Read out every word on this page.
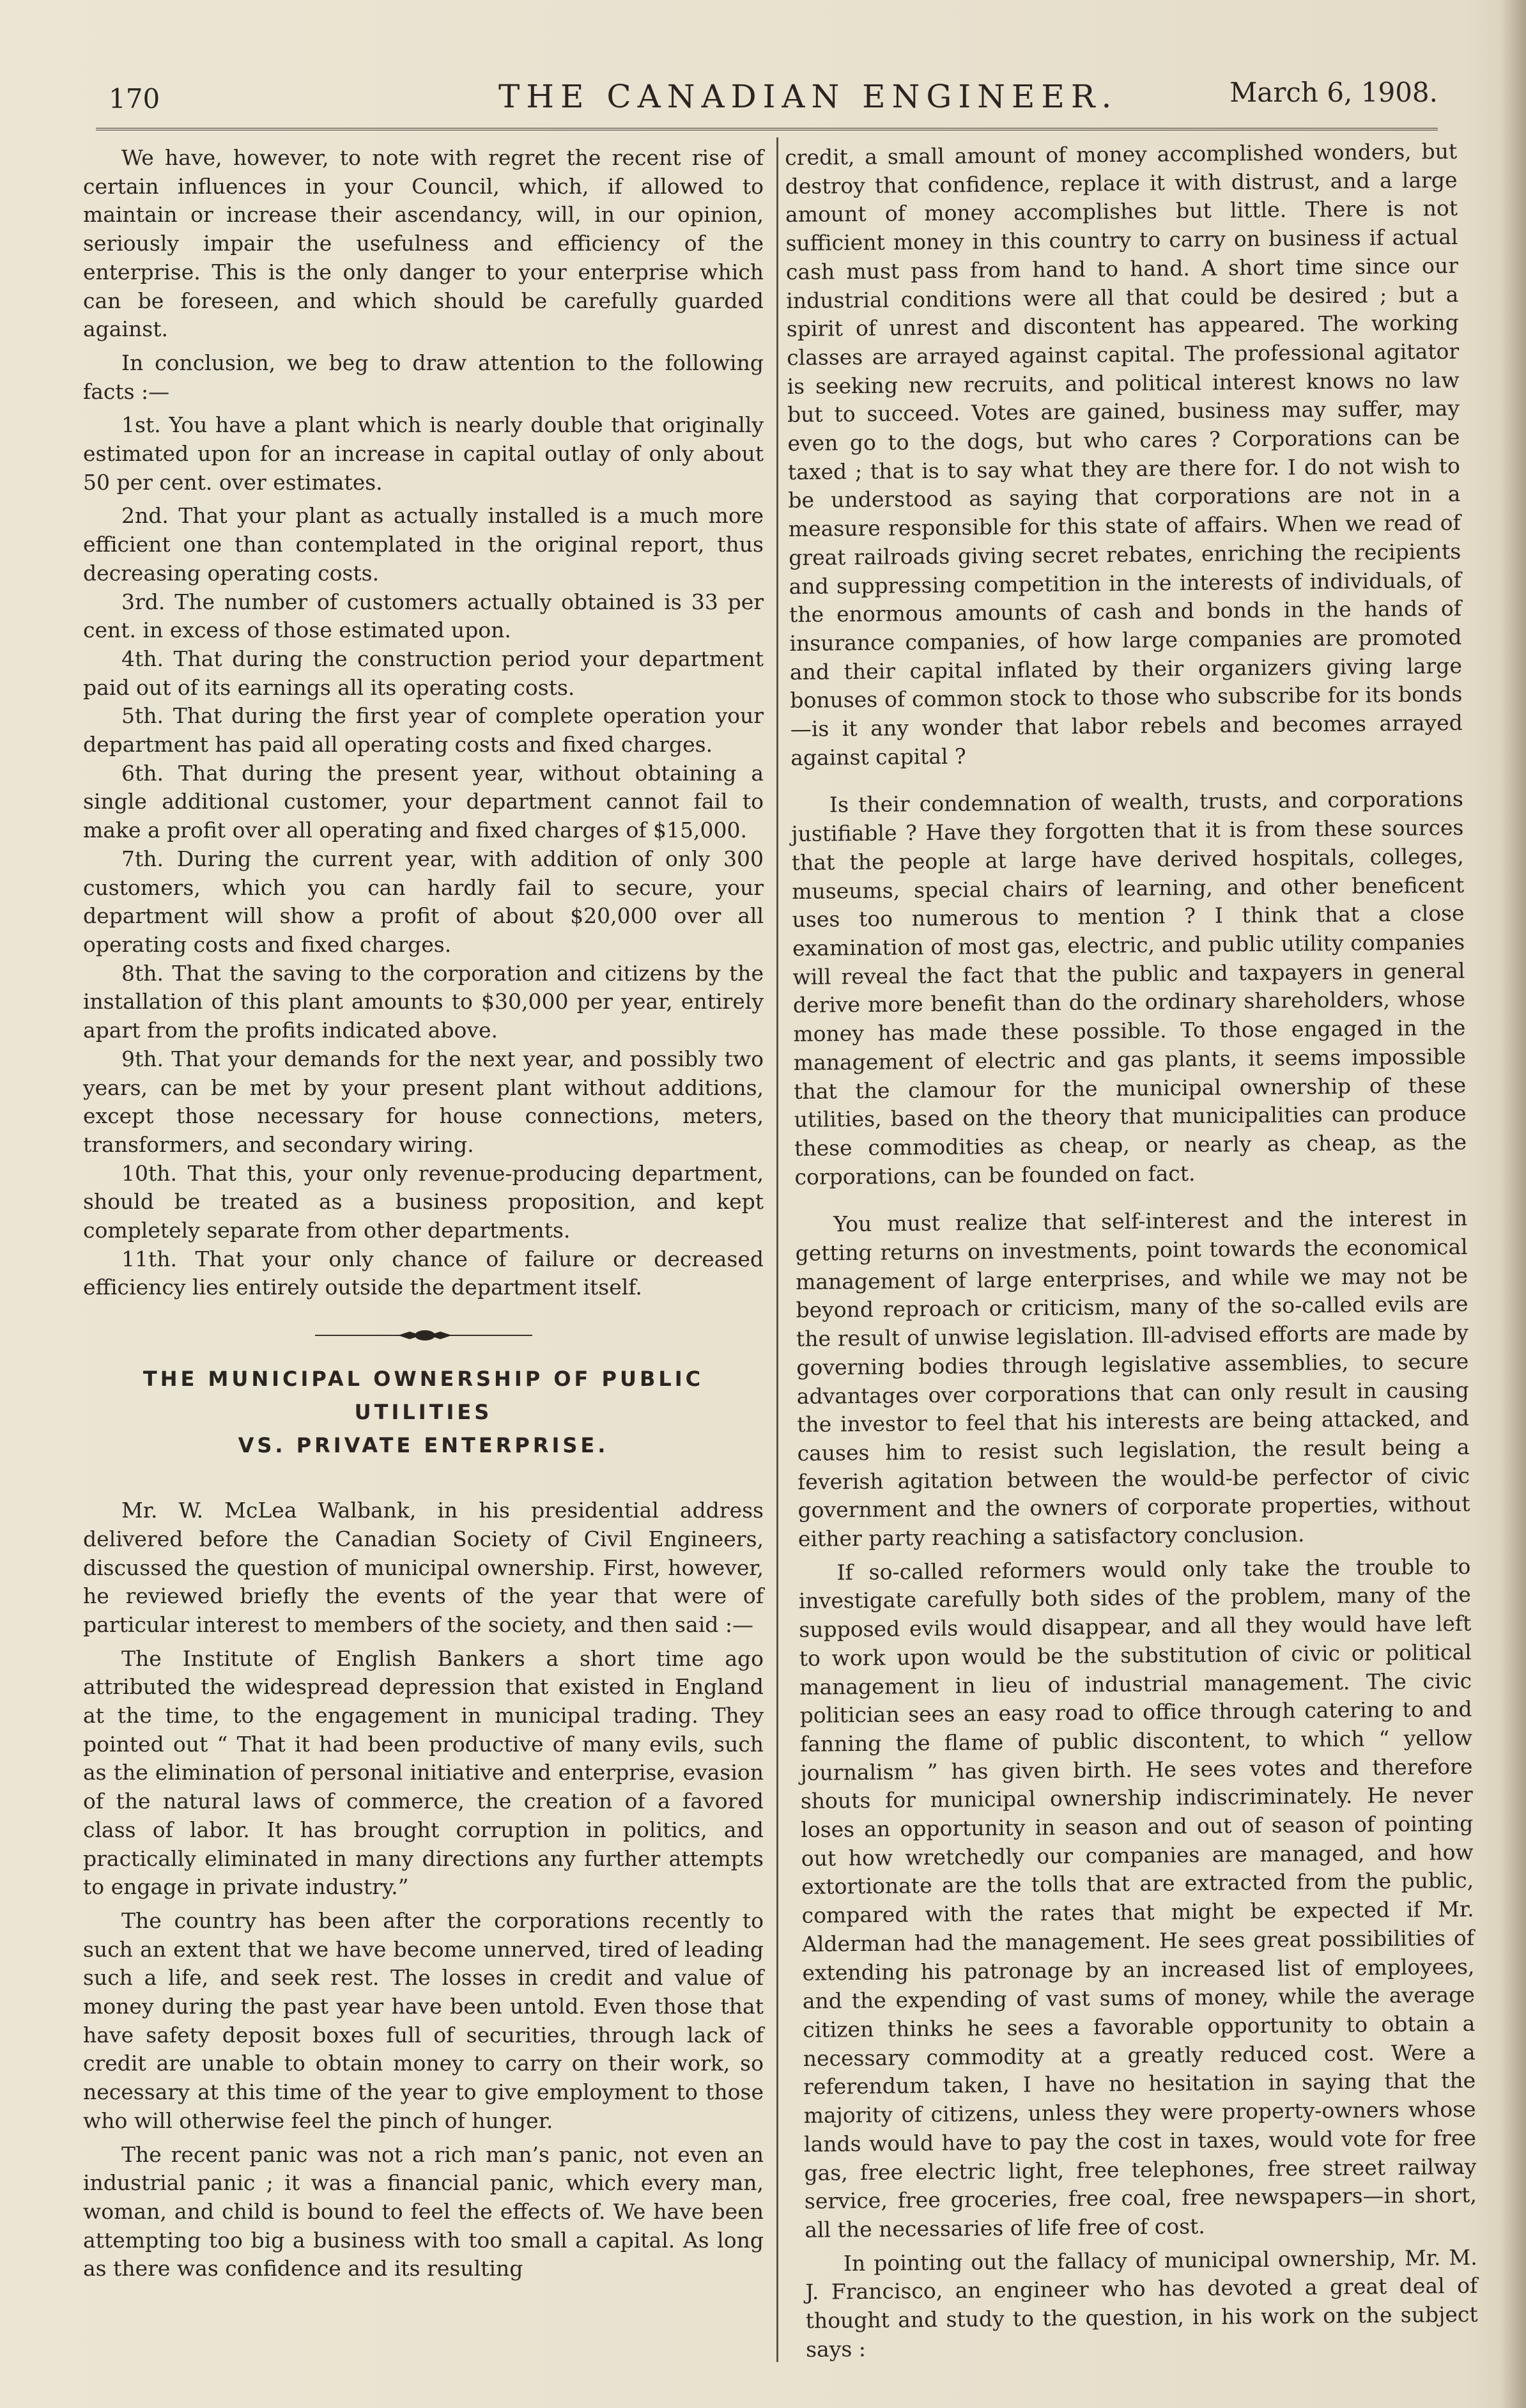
170	THE CANADIAN ENGINEER.	March 6, 1908.

We have, however, to note with regret the recent rise of certain influences in your Council, which, if allowed to maintain or increase their ascendancy, will, in our opinion, seriously impair the usefulness and efficiency of the enterprise. This is the only danger to your enterprise which can be foreseen, and which should be carefully guarded against.

In conclusion, we beg to draw attention to the following facts :—

1st. You have a plant which is nearly double that originally estimated upon for an increase in capital outlay of only about 50 per cent. over estimates.

2nd. That your plant as actually installed is a much more efficient one than contemplated in the original report, thus decreasing operating costs.

3rd. The number of customers actually obtained is 33 per cent. in excess of those estimated upon.

4th. That during the construction period your department paid out of its earnings all its operating costs.

5th. That during the first year of complete operation your department has paid all operating costs and fixed charges.

6th. That during the present year, without obtaining a single additional customer, your department cannot fail to make a profit over all operating and fixed charges of $15,000.

7th. During the current year, with addition of only 300 customers, which you can hardly fail to secure, your department will show a profit of about $20,000 over all operating costs and fixed charges.

8th. That the saving to the corporation and citizens by the installation of this plant amounts to $30,000 per year, entirely apart from the profits indicated above.

9th. That your demands for the next year, and possibly two years, can be met by your present plant without additions, except those necessary for house connections, meters, transformers, and secondary wiring.

10th. That this, your only revenue-producing department, should be treated as a business proposition, and kept completely separate from other departments.

11th. That your only chance of failure or decreased efficiency lies entirely outside the department itself.

THE MUNICIPAL OWNERSHIP OF PUBLIC UTILITIES

VS. PRIVATE ENTERPRISE.

Mr. W. McLea Walbank, in his presidential address delivered before the Canadian Society of Civil Engineers, discussed the question of municipal ownership. First, however, he reviewed briefly the events of the year that were of particular interest to members of the society, and then said :—

The Institute of English Bankers a short time ago attributed the widespread depression that existed in England at the time, to the engagement in municipal trading. They pointed out “ That it had been productive of many evils, such as the elimination of personal initiative and enterprise, evasion of the natural laws of commerce, the creation of a favored class of labor. It has brought corruption in politics, and practically eliminated in many directions any further attempts to engage in private industry.”

The country has been after the corporations recently to such an extent that we have become unnerved, tired of leading such a life, and seek rest. The losses in credit and value of money during the past year have been untold. Even those that have safety deposit boxes full of securities, through lack of credit are unable to obtain money to carry on their work, so necessary at this time of the year to give employment to those who will otherwise feel the pinch of hunger.

The recent panic was not a rich man’s panic, not even an industrial panic ; it was a financial panic, which every man, woman, and child is bound to feel the effects of. We have been attempting too big a business with too small a capital. As long as there was confidence and its resulting

credit, a small amount of money accomplished wonders, but destroy that confidence, replace it with distrust, and a large amount of money accomplishes but little. There is not sufficient money in this country to carry on business if actual cash must pass from hand to hand. A short time since our industrial conditions were all that could be desired ; but a spirit of unrest and discontent has appeared. The working classes are arrayed against capital. The professional agitator is seeking new recruits, and political interest knows no law but to succeed. Votes are gained, business may suffer, may even go to the dogs, but who cares ? Corporations can be taxed ; that is to say what they are there for. I do not wish to be understood as saying that corporations are not in a measure responsible for this state of affairs. When we read of great railroads giving secret rebates, enriching the recipients and suppressing competition in the interests of individuals, of the enormous amounts of cash and bonds in the hands of insurance companies, of how large companies are promoted and their capital inflated by their organizers giving large bonuses of common stock to those who subscribe for its bonds—is it any wonder that labor rebels and becomes arrayed against capital ?

Is their condemnation of wealth, trusts, and corporations justifiable ? Have they forgotten that it is from these sources that the people at large have derived hospitals, colleges, museums, special chairs of learning, and other beneficent uses too numerous to mention ? I think that a close examination of most gas, electric, and public utility companies will reveal the fact that the public and taxpayers in general derive more benefit than do the ordinary shareholders, whose money has made these possible. To those engaged in the management of electric and gas plants, it seems impossible that the clamour for the municipal ownership of these utilities, based on the theory that municipalities can produce these commodities as cheap, or nearly as cheap, as the corporations, can be founded on fact.

You must realize that self-interest and the interest in getting returns on investments, point towards the economical management of large enterprises, and while we may not be beyond reproach or criticism, many of the so-called evils are the result of unwise legislation. Ill-advised efforts are made by governing bodies through legislative assemblies, to secure advantages over corporations that can only result in causing the investor to feel that his interests are being attacked, and causes him to resist such legislation, the result being a feverish agitation between the would-be perfector of civic government and the owners of corporate properties, without either party reaching a satisfactory conclusion.

If so-called reformers would only take the trouble to investigate carefully both sides of the problem, many of the supposed evils would disappear, and all they would have left to work upon would be the substitution of civic or political management in lieu of industrial management. The civic politician sees an easy road to office through catering to and fanning the flame of public discontent, to which “ yellow journalism ” has given birth. He sees votes and therefore shouts for municipal ownership indiscriminately. He never loses an opportunity in season and out of season of pointing out how wretchedly our companies are managed, and how extortionate are the tolls that are extracted from the public, compared with the rates that might be expected if Mr. Alderman had the management. He sees great possibilities of extending his patronage by an increased list of employees, and the expending of vast sums of money, while the average citizen thinks he sees a favorable opportunity to obtain a necessary commodity at a greatly reduced cost. Were a referendum taken, I have no hesitation in saying that the majority of citizens, unless they were property-owners whose lands would have to pay the cost in taxes, would vote for free gas, free electric light, free telephones, free street railway service, free groceries, free coal, free newspapers—in short, all the necessaries of life free of cost.

In pointing out the fallacy of municipal ownership, Mr. M. J. Francisco, an engineer who has devoted a great deal of thought and study to the question, in his work on the subject says :
